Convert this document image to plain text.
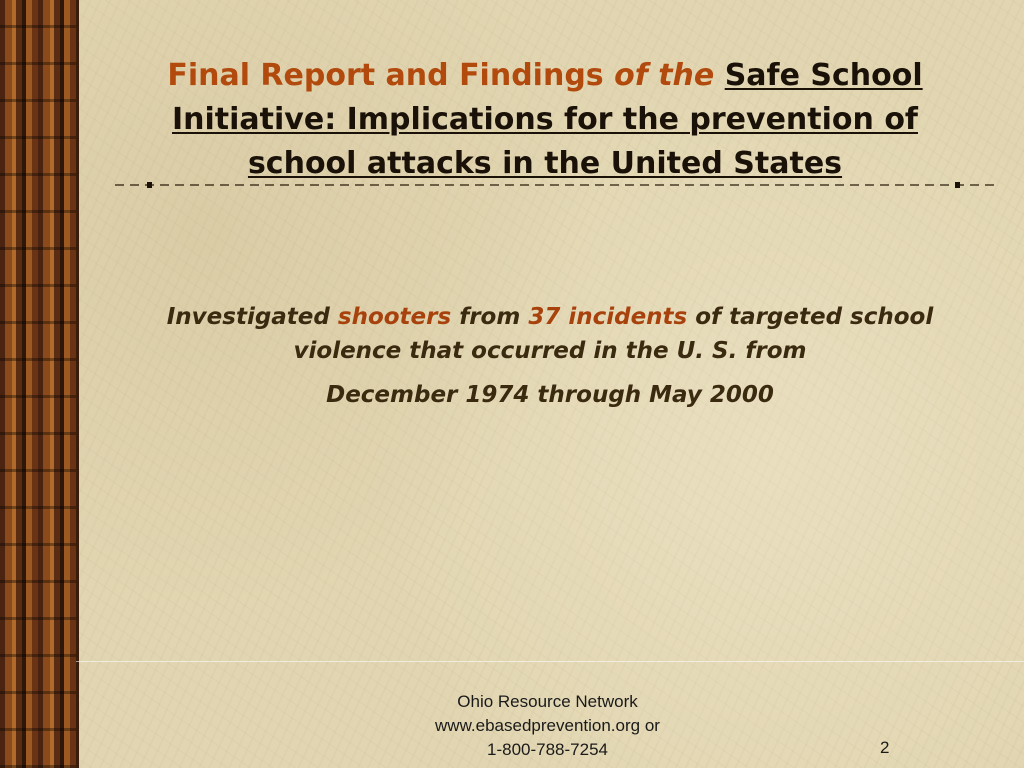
Final Report and Findings of the Safe School Initiative: Implications for the prevention of school attacks in the United States

Investigated shooters from 37 incidents of targeted school violence that occurred in the U. S. from

December 1974 through May 2000

Ohio Resource Network
www.ebasedprevention.org or
1-800-788-7254	2
